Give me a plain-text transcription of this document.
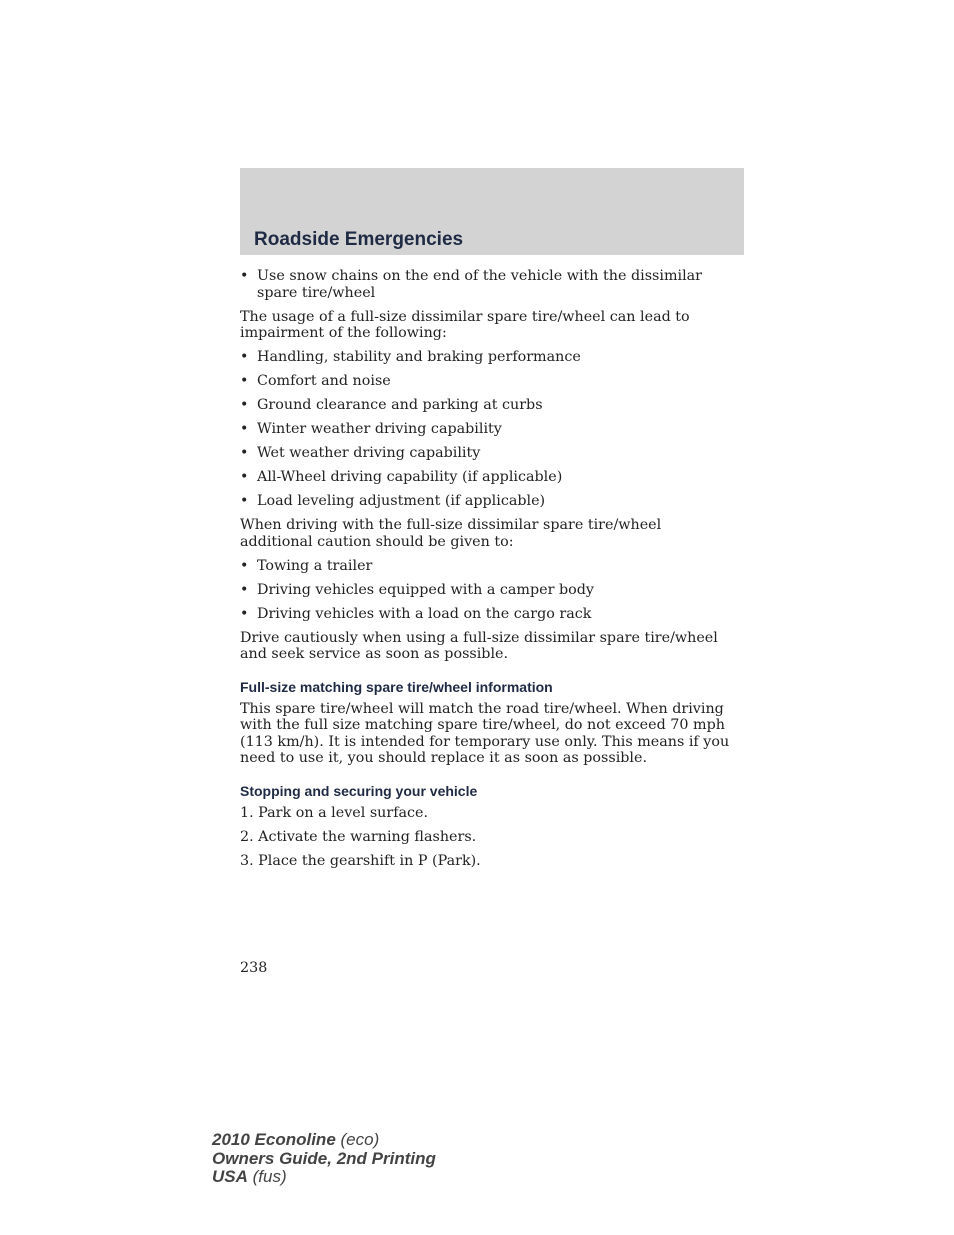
Roadside Emergencies
• Use snow chains on the end of the vehicle with the dissimilar spare tire/wheel

The usage of a full-size dissimilar spare tire/wheel can lead to impairment of the following:

• Handling, stability and braking performance
• Comfort and noise
• Ground clearance and parking at curbs
• Winter weather driving capability
• Wet weather driving capability
• All-Wheel driving capability (if applicable)
• Load leveling adjustment (if applicable)

When driving with the full-size dissimilar spare tire/wheel additional caution should be given to:

• Towing a trailer
• Driving vehicles equipped with a camper body
• Driving vehicles with a load on the cargo rack

Drive cautiously when using a full-size dissimilar spare tire/wheel and seek service as soon as possible.

Full-size matching spare tire/wheel information

This spare tire/wheel will match the road tire/wheel. When driving with the full size matching spare tire/wheel, do not exceed 70 mph (113 km/h). It is intended for temporary use only. This means if you need to use it, you should replace it as soon as possible.

Stopping and securing your vehicle
1. Park on a level surface.
2. Activate the warning flashers.
3. Place the gearshift in P (Park).
238
2010 Econoline (eco)
Owners Guide, 2nd Printing
USA (fus)
